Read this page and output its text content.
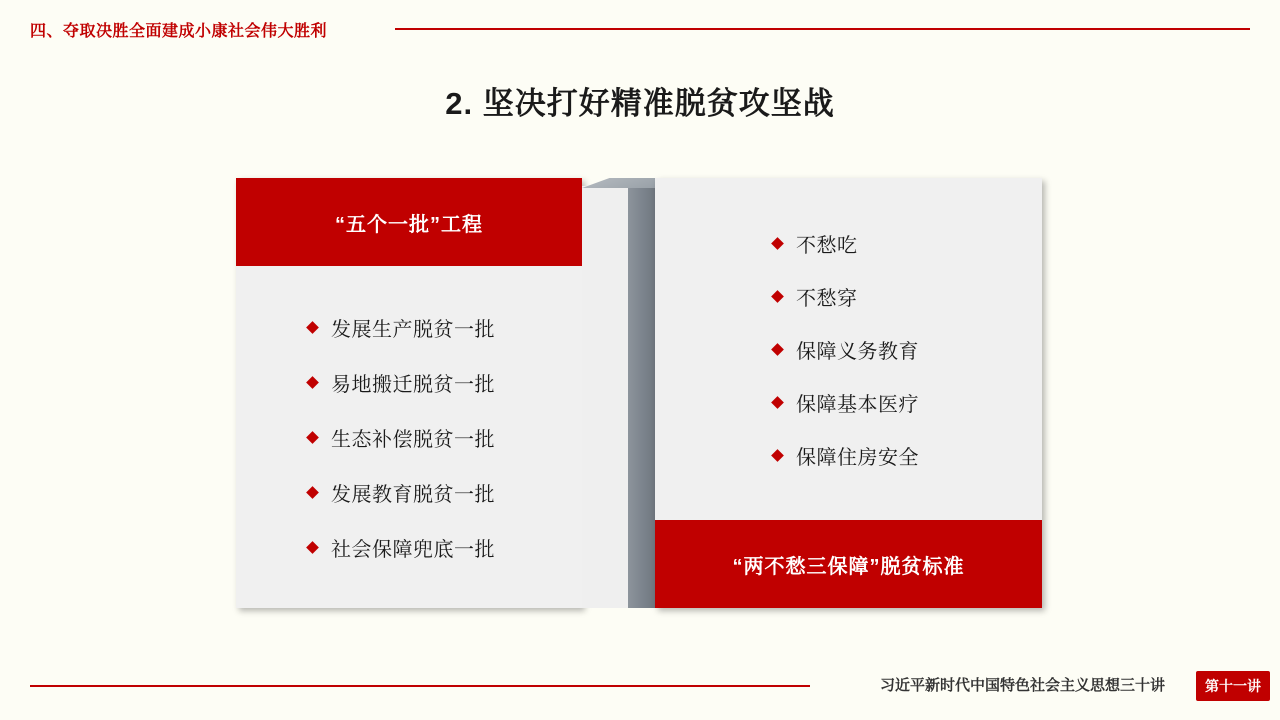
四、夺取决胜全面建成小康社会伟大胜利
2. 坚决打好精准脱贫攻坚战
“五个一批”工程
发展生产脱贫一批
易地搬迁脱贫一批
生态补偿脱贫一批
发展教育脱贫一批
社会保障兜底一批
不愁吃
不愁穿
保障义务教育
保障基本医疗
保障住房安全
“两不愁三保障”脱贫标准
习近平新时代中国特色社会主义思想三十讲	第十一讲
